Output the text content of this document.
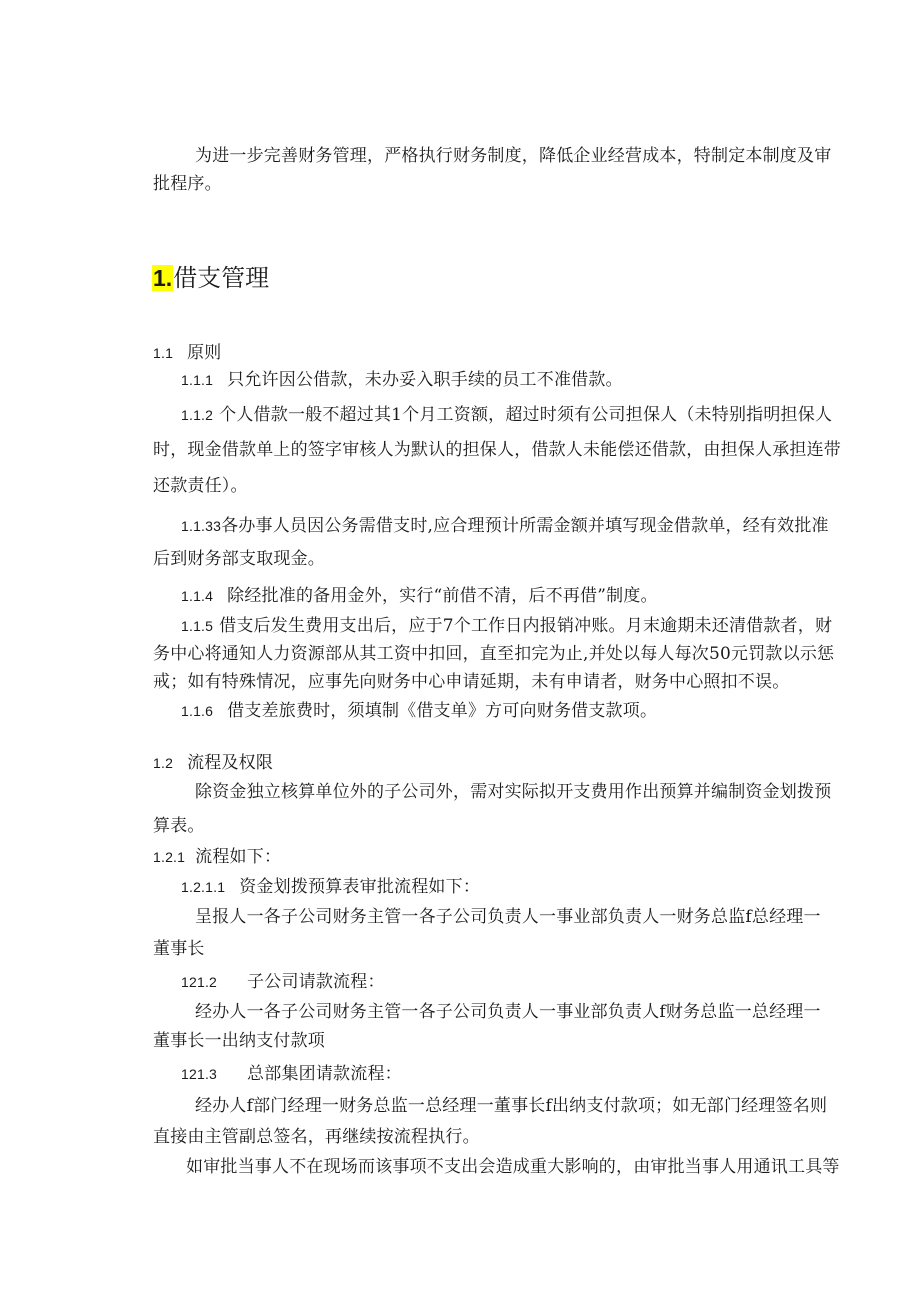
为进一步完善财务管理，严格执行财务制度，降低企业经营成本，特制定本制度及审

批程序。

1.借支管理

1.1 原则

1.1.1 只允许因公借款，未办妥入职手续的员工不准借款。

1.1.2 个人借款一般不超过其1个月工资额，超过时须有公司担保人（未特别指明担保人

时，现金借款单上的签字审核人为默认的担保人，借款人未能偿还借款，由担保人承担连带

还款责任）。

1.1.33各办事人员因公务需借支时,应合理预计所需金额并填写现金借款单，经有效批准

后到财务部支取现金。

1.1.4 除经批准的备用金外，实行“前借不清，后不再借”制度。

1.1.5 借支后发生费用支出后，应于7个工作日内报销冲账。月末逾期未还清借款者，财

务中心将通知人力资源部从其工资中扣回，直至扣完为止,并处以每人每次50元罚款以示惩

戒；如有特殊情况，应事先向财务中心申请延期，未有申请者，财务中心照扣不误。

1.1.6 借支差旅费时，须填制《借支单》方可向财务借支款项。

1.2 流程及权限

除资金独立核算单位外的子公司外，需对实际拟开支费用作出预算并编制资金划拨预

算表。

1.2.1 流程如下：

1.2.1.1 资金划拨预算表审批流程如下：

呈报人一各子公司财务主管一各子公司负责人一事业部负责人一财务总监f总经理一

董事长

121.2 子公司请款流程：

经办人一各子公司财务主管一各子公司负责人一事业部负责人f财务总监一总经理一

董事长一出纳支付款项

121.3 总部集团请款流程：

经办人f部门经理一财务总监一总经理一董事长f出纳支付款项；如无部门经理签名则

直接由主管副总签名，再继续按流程执行。

如审批当事人不在现场而该事项不支出会造成重大影响的，由审批当事人用通讯工具等
